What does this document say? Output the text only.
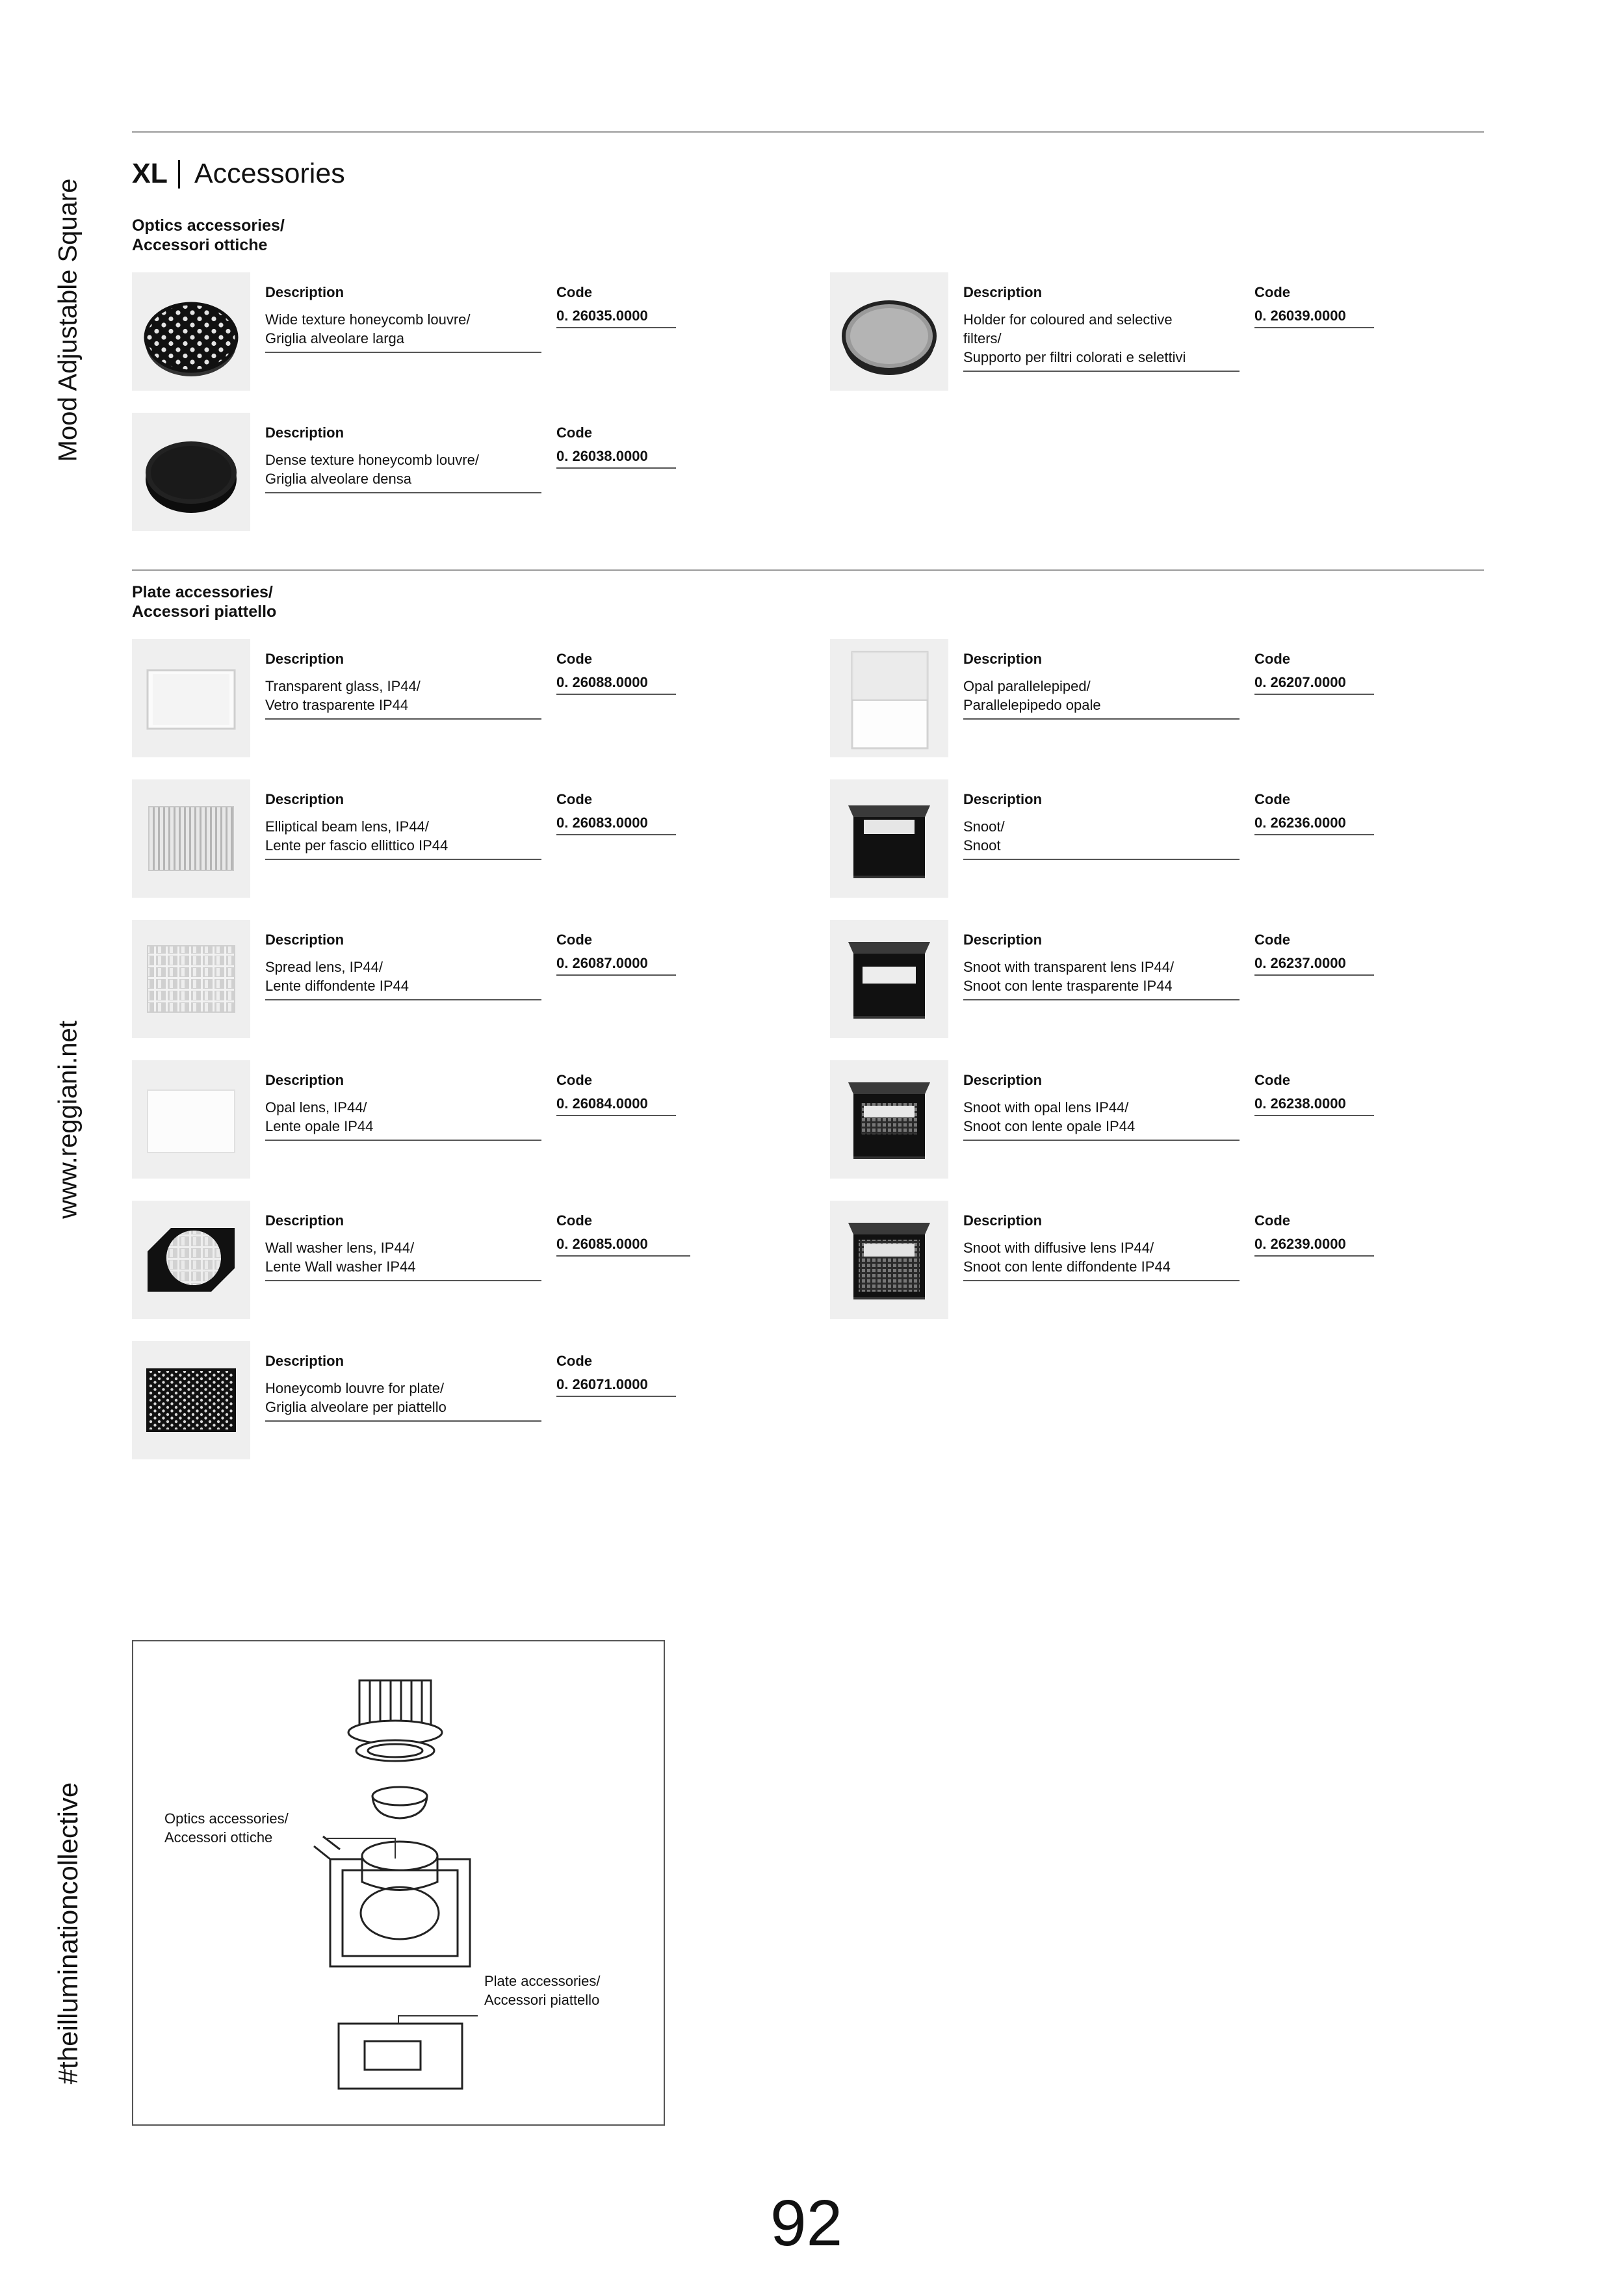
Mood Adjustable Square
www.reggiani.net
#theilluminationcollective
XL Accessories
Optics accessories/
Accessori ottiche
Description
Wide texture honeycomb louvre/
Griglia alveolare larga
Code
0. 26035.0000
Description
Holder for coloured and selective
filters/
Supporto per filtri colorati e selettivi
Code
0. 26039.0000
Description
Dense texture honeycomb louvre/
Griglia alveolare densa
Code
0. 26038.0000
Plate accessories/
Accessori piattello
Description
Transparent glass, IP44/
Vetro trasparente IP44
Code
0. 26088.0000
Description
Opal parallelepiped/
Parallelepipedo opale
Code
0. 26207.0000
Description
Elliptical beam lens, IP44/
Lente per fascio ellittico IP44
Code
0. 26083.0000
Description
Snoot/
Snoot
Code
0. 26236.0000
Description
Spread lens, IP44/
Lente diffondente IP44
Code
0. 26087.0000
Description
Snoot with transparent lens IP44/
Snoot con lente trasparente IP44
Code
0. 26237.0000
Description
Opal lens, IP44/
Lente opale IP44
Code
0. 26084.0000
Description
Snoot with opal lens IP44/
Snoot con lente opale IP44
Code
0. 26238.0000
Description
Wall washer lens, IP44/
Lente Wall washer IP44
Code
0. 26085.0000
Description
Snoot with diffusive lens IP44/
Snoot con lente diffondente IP44
Code
0. 26239.0000
Description
Honeycomb louvre for plate/
Griglia alveolare per piattello
Code
0. 26071.0000
Optics accessories/
Accessori ottiche
Plate accessories/
Accessori piattello
92
